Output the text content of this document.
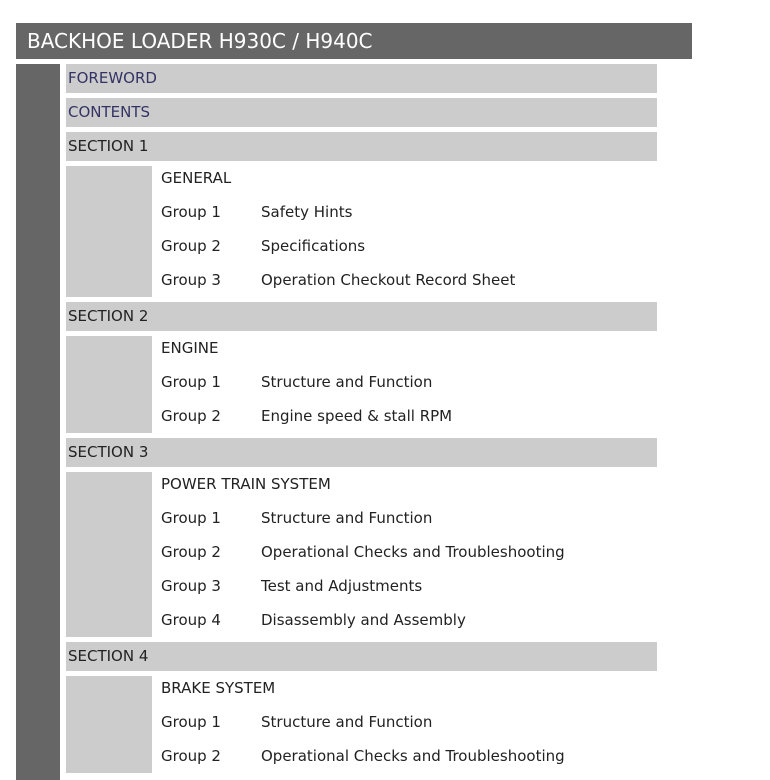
BACKHOE LOADER H930C / H940C
FOREWORD
CONTENTS
SECTION 1
GENERAL
Group 1	Safety Hints
Group 2	Specifications
Group 3	Operation Checkout Record Sheet
SECTION 2
ENGINE
Group 1	Structure and Function
Group 2	Engine speed & stall RPM
SECTION 3
POWER TRAIN SYSTEM
Group 1	Structure and Function
Group 2	Operational Checks and Troubleshooting
Group 3	Test and Adjustments
Group 4	Disassembly and Assembly
SECTION 4
BRAKE SYSTEM
Group 1	Structure and Function
Group 2	Operational Checks and Troubleshooting
